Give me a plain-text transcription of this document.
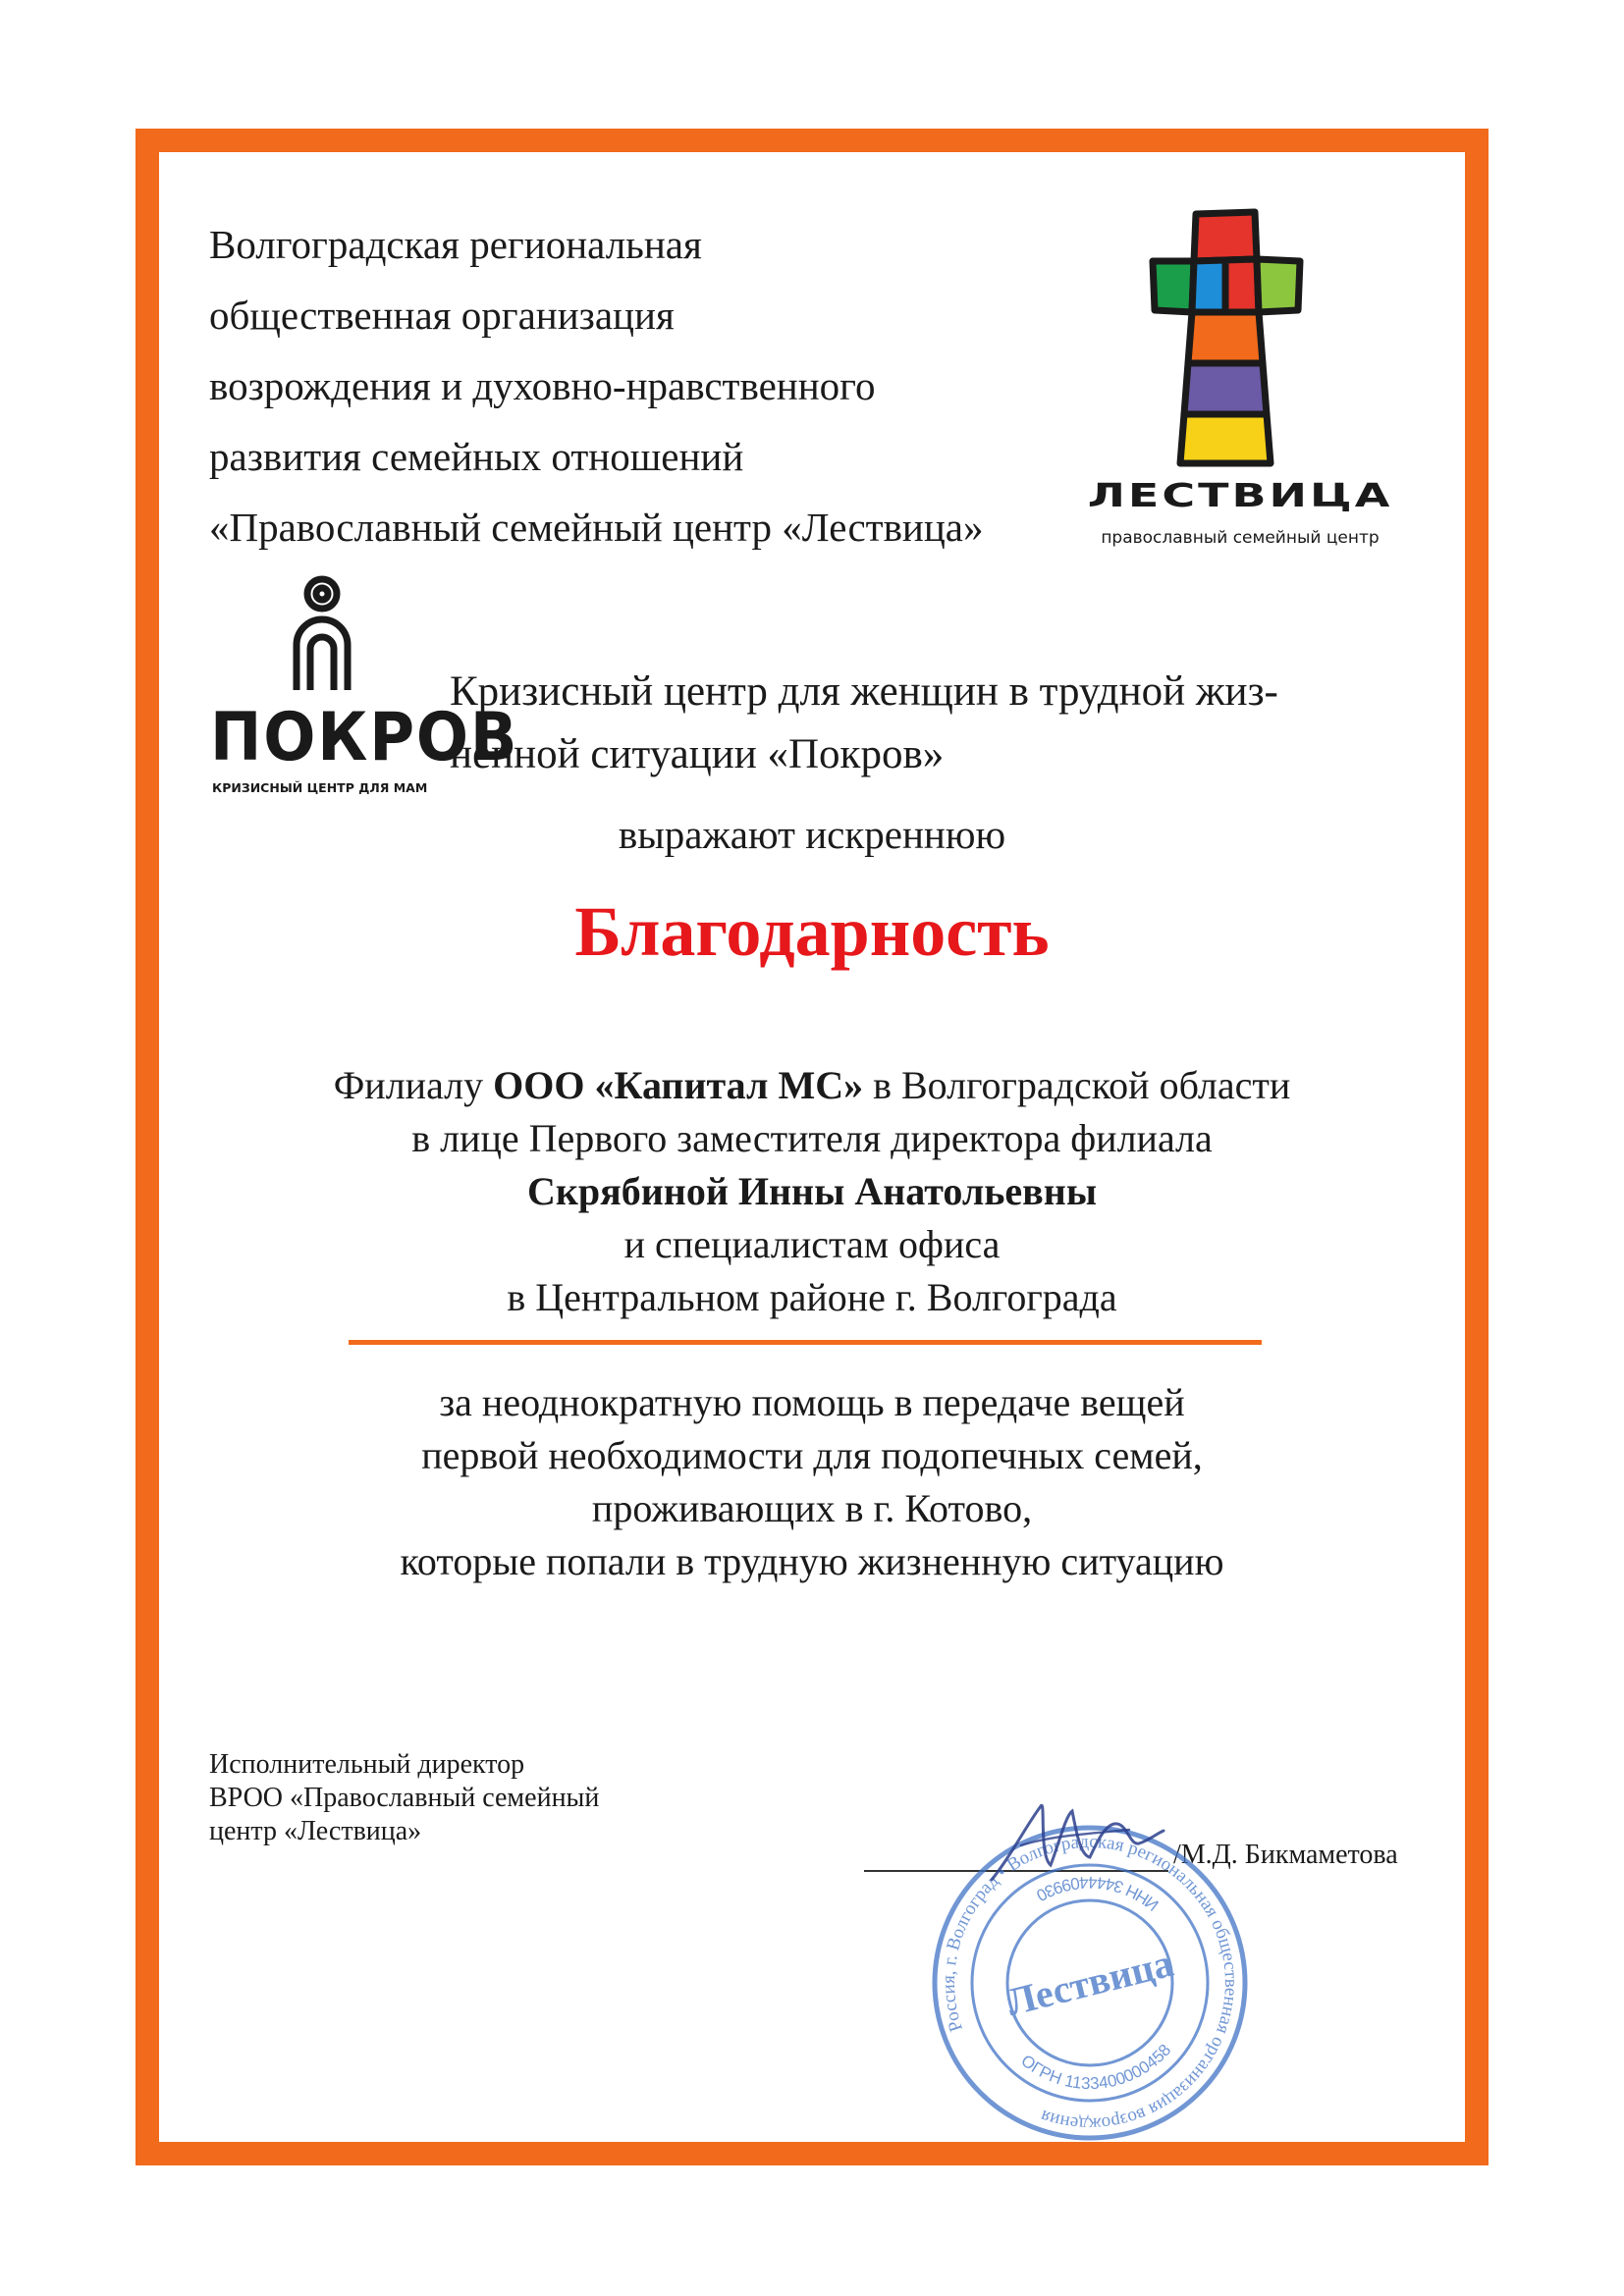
Волгоградская региональная
общественная организация
возрождения и духовно-нравственного
развития семейных отношений
«Православный семейный центр «Лествица»
ЛЕСТВИЦА
православный семейный центр
ПОКРОВ
КРИЗИСНЫЙ ЦЕНТР ДЛЯ МАМ
Кризисный центр для женщин в трудной жиз-
ненной ситуации «Покров»
выражают искреннюю
Благодарность
Филиалу ООО «Капитал МС» в Волгоградской области
в лице Первого заместителя директора филиала
Скрябиной Инны Анатольевны
и специалистам офиса
в Центральном районе г. Волгограда
за неоднократную помощь в передаче вещей
первой необходимости для подопечных семей,
проживающих в г. Котово,
которые попали в трудную жизненную ситуацию
Исполнительный директор
ВРОО «Православный семейный
центр «Лествица»
/М.Д. Бикмаметова
Россия, г. Волгоград • Волгоградская региональная общественная организация возрождения
ОГРН 1133400000458
ИНН 3444409930
Лествица
